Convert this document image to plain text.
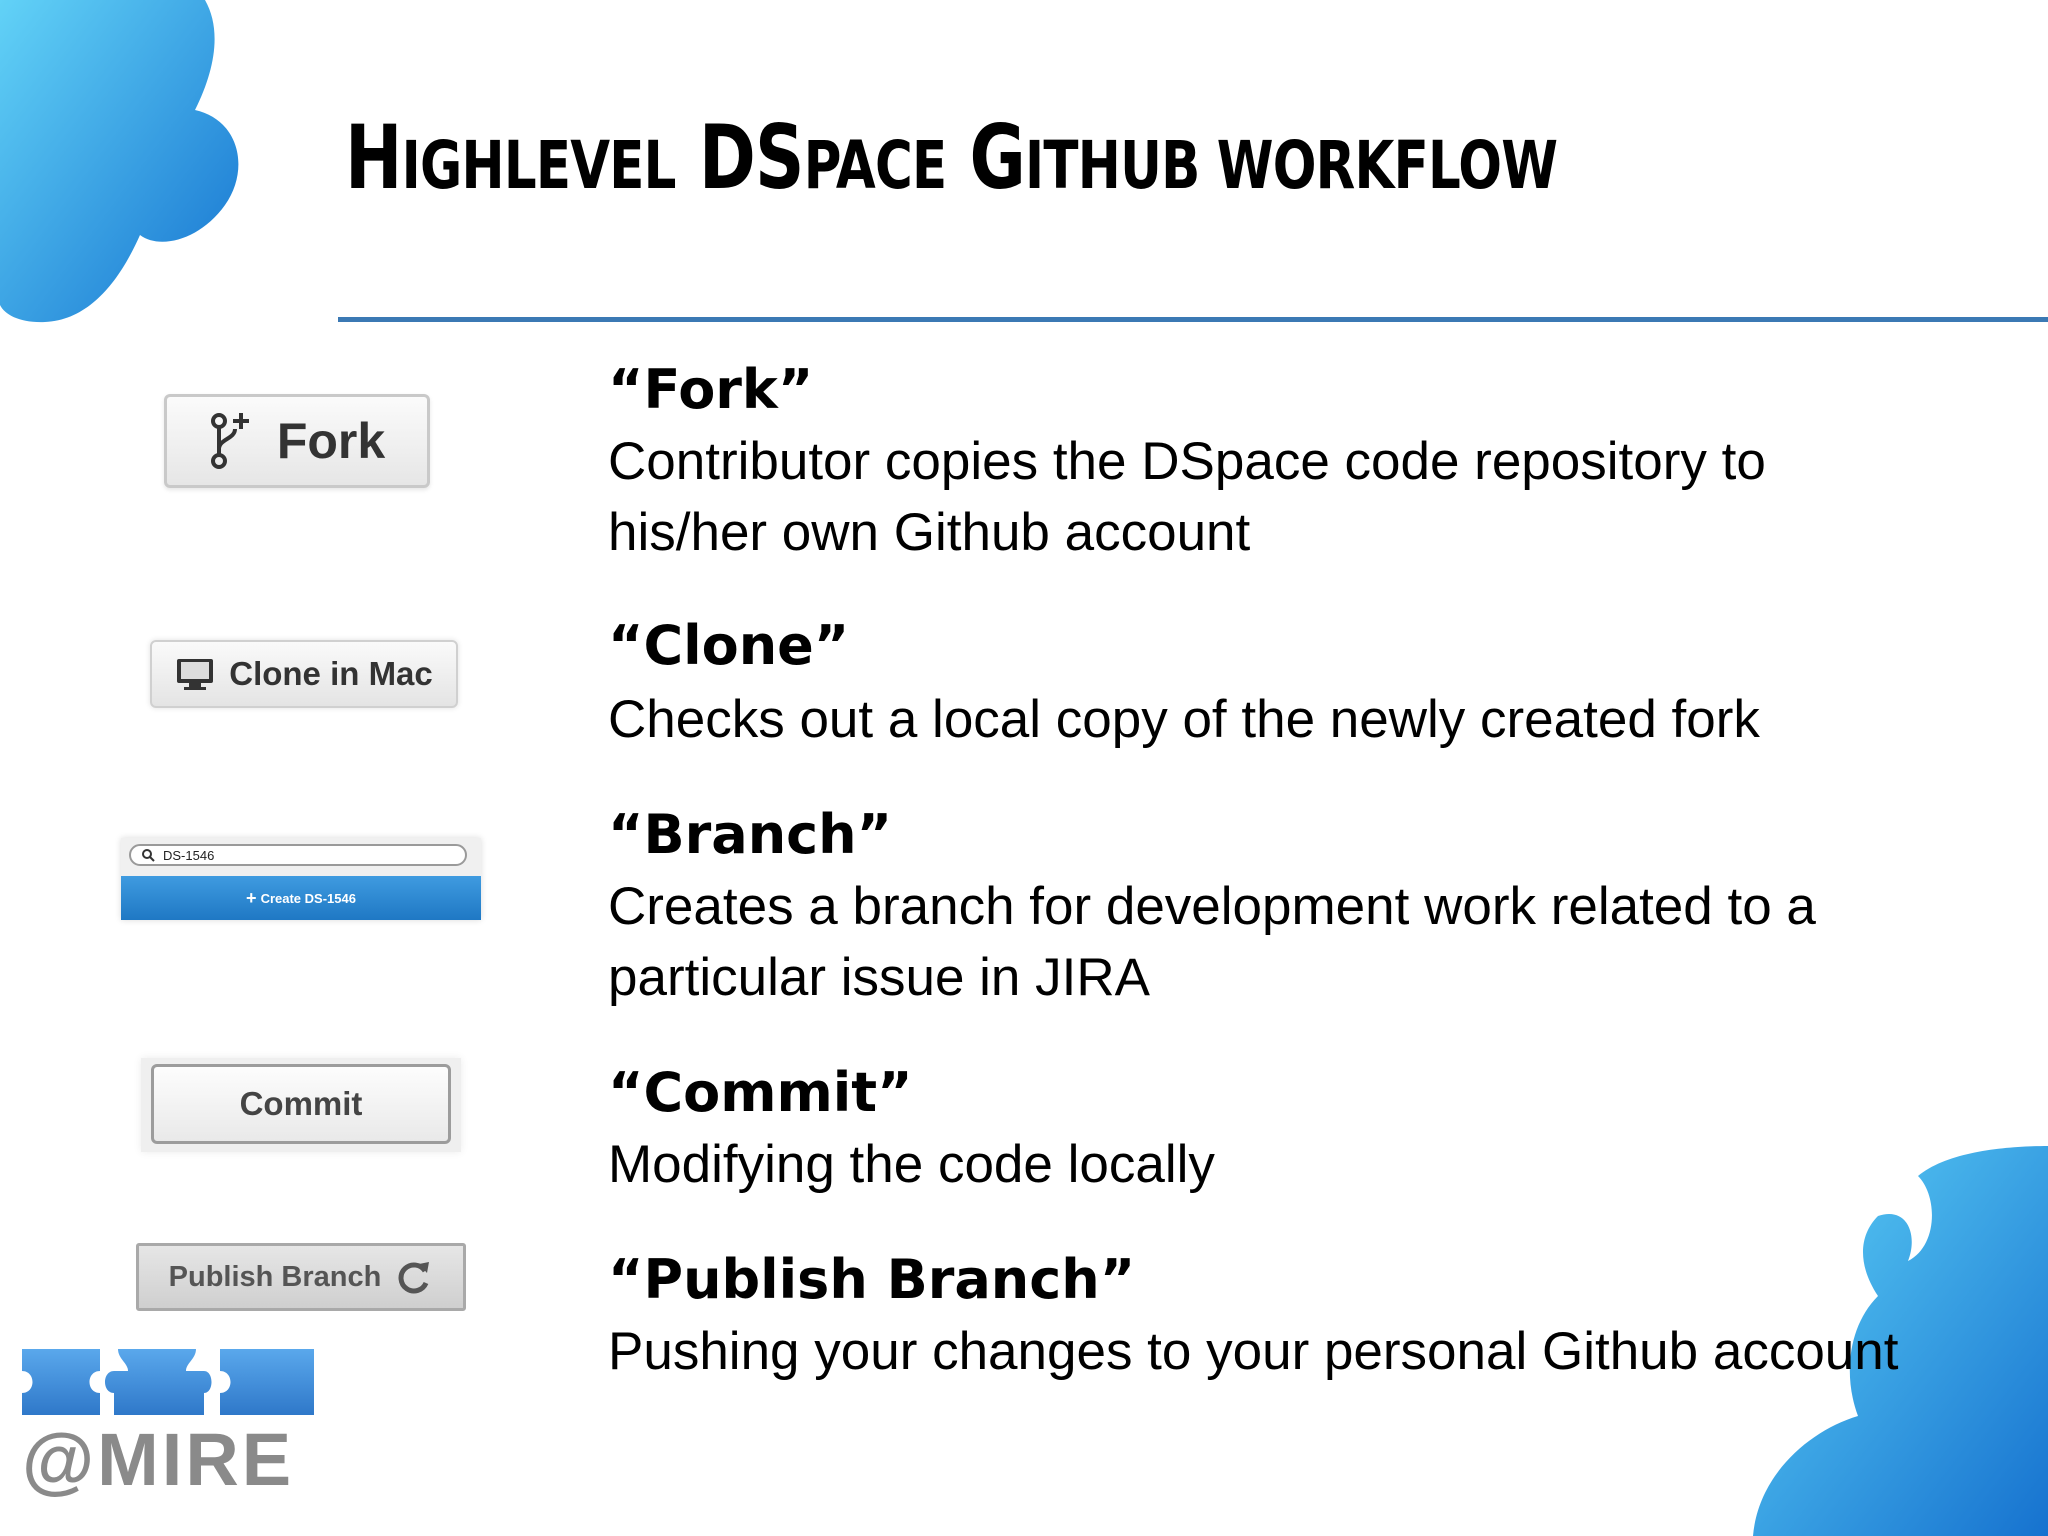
HIGHLEVEL DSPACE GITHUB WORKFLOW
Fork

“Fork”

Contributor copies the DSpace code repository to his/her own Github account

Clone in Mac	“Clone”

Checks out a local copy of the newly created fork

DS-1546
+ Create DS-1546

“Branch”

Creates a branch for development work related to a particular issue in JIRA

Commit	“Commit”

Modifying the code locally

Publish Branch	“Publish Branch”

Pushing your changes to your personal Github account

@MIRE
